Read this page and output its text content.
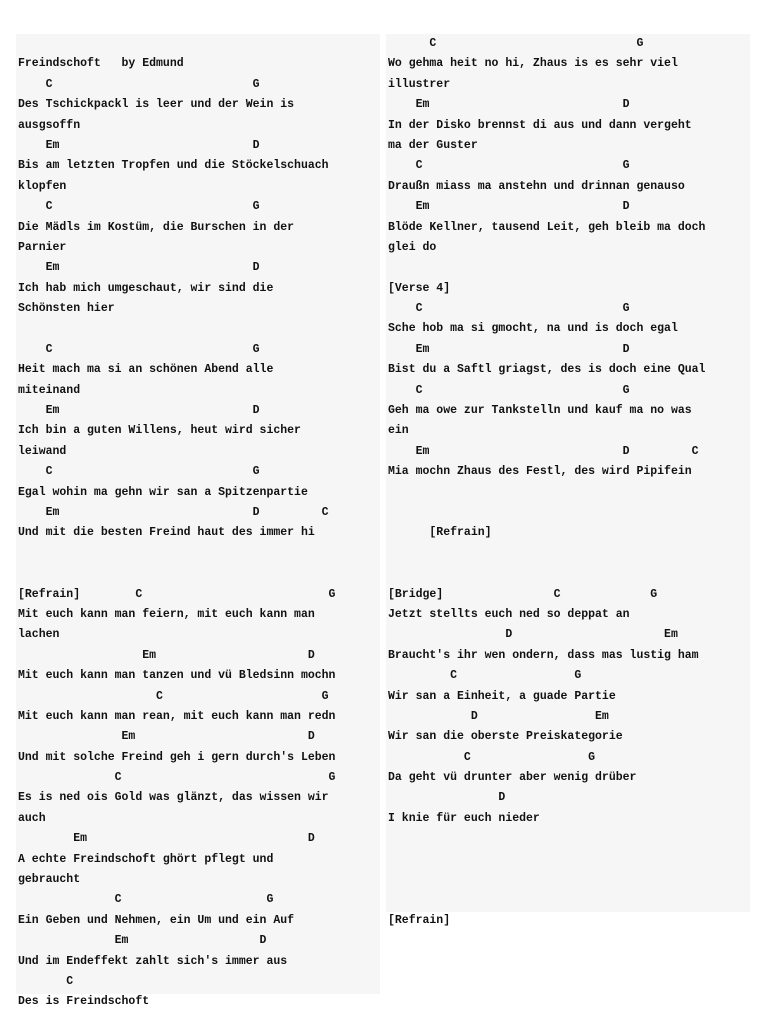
Freindschoft   by Edmund
C                             G
Des Tschickpackl is leer und der Wein is
ausgsoffn
Em                            D
Bis am letzten Tropfen und die Stöckelschuach
klopfen
C                             G
Die Mädls im Kostüm, die Burschen in der
Parnier
Em                            D
Ich hab mich umgeschaut, wir sind die
Schönsten hier
C                             G
Heit mach ma si an schönen Abend alle
miteinand
Em                            D
Ich bin a guten Willens, heut wird sicher
leiwand
C                             G
Egal wohin ma gehn wir san a Spitzenpartie
Em                            D         C
Und mit die besten Freind haut des immer hi
[Refrain]        C                           G
Mit euch kann man feiern, mit euch kann man
lachen
Em                      D
Mit euch kann man tanzen und vü Bledsinn mochn
C                       G
Mit euch kann man rean, mit euch kann man redn
Em                         D
Und mit solche Freind geh i gern durch's Leben
C                              G
Es is ned ois Gold was glänzt, das wissen wir
auch
Em                                D
A echte Freindschoft ghört pflegt und
gebraucht
C                     G
Ein Geben und Nehmen, ein Um und ein Auf
Em                   D
Und im Endeffekt zahlt sich's immer aus
C
Des is Freindschoft
C                             G
Wo gehma heit no hi, Zhaus is es sehr viel
illustrer
Em                            D
In der Disko brennst di aus und dann vergeht
ma der Guster
C                             G
Draußn miass ma anstehn und drinnan genauso
Em                            D
Blöde Kellner, tausend Leit, geh bleib ma doch
glei do
[Verse 4]
C                             G
Sche hob ma si gmocht, na und is doch egal
Em                            D
Bist du a Saftl griagst, des is doch eine Qual
C                             G
Geh ma owe zur Tankstelln und kauf ma no was
ein
Em                            D         C
Mia mochn Zhaus des Festl, des wird Pipifein
[Refrain]
[Bridge]                C             G
Jetzt stellts euch ned so deppat an
D                      Em
Braucht's ihr wen ondern, dass mas lustig ham
C                 G
Wir san a Einheit, a guade Partie
D                 Em
Wir san die oberste Preiskategorie
C                 G
Da geht vü drunter aber wenig drüber
D
I knie für euch nieder
[Refrain]
